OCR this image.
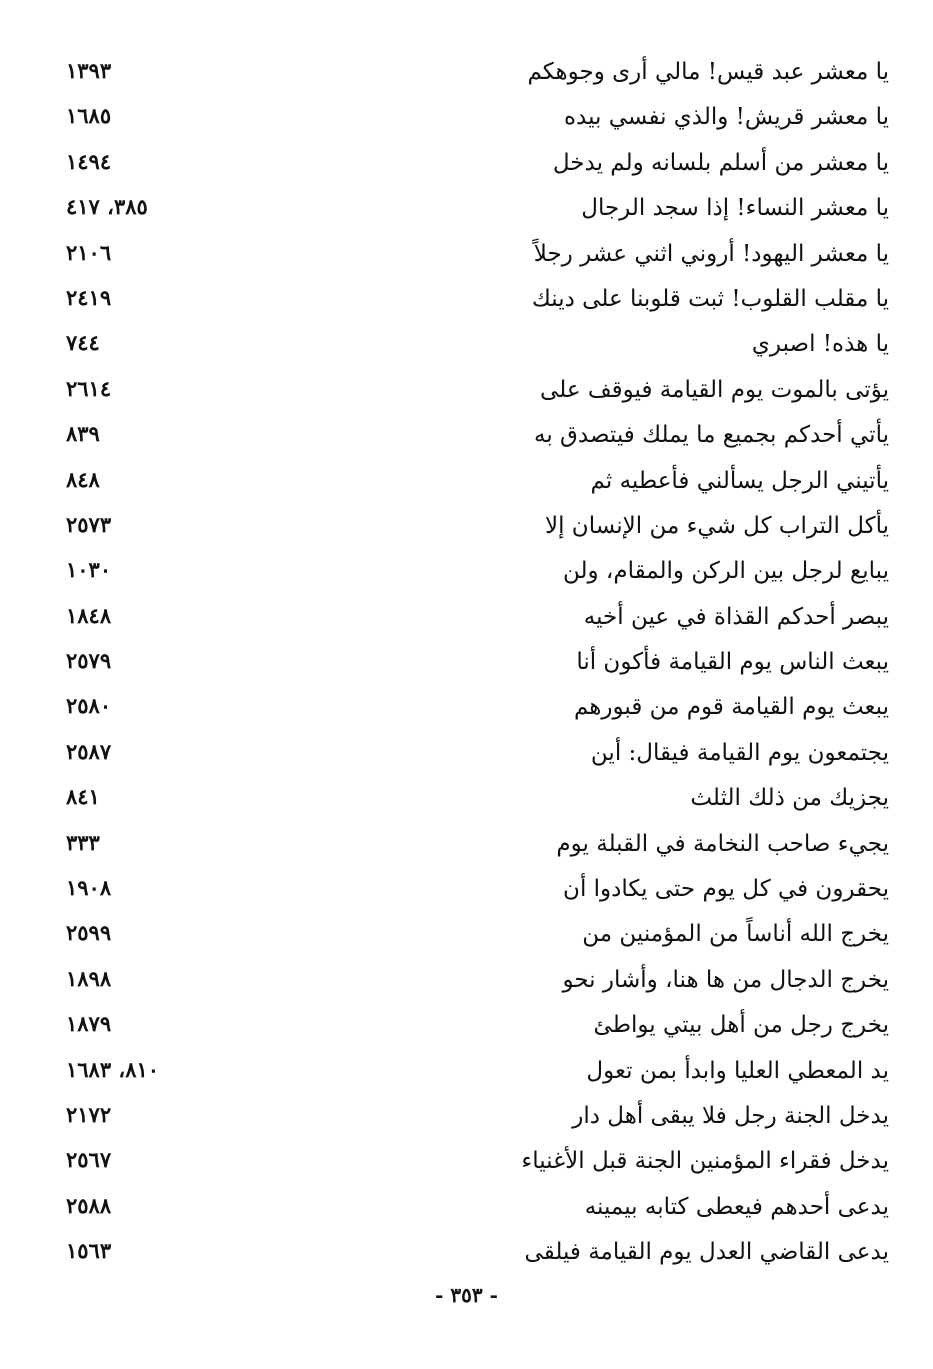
يا معشر عبد قيس! مالي أرى وجوهكم
١٣٩٣
يا معشر قريش! والذي نفسي بيده
١٦٨٥
يا معشر من أسلم بلسانه ولم يدخل
١٤٩٤
يا معشر النساء! إذا سجد الرجال
٣٨٥، ٤١٧
يا معشر اليهود! أروني اثني عشر رجلاً
٢١٠٦
يا مقلب القلوب! ثبت قلوبنا على دينك
٢٤١٩
يا هذه! اصبري
٧٤٤
يؤتى بالموت يوم القيامة فيوقف على
٢٦١٤
يأتي أحدكم بجميع ما يملك فيتصدق به
٨٣٩
يأتيني الرجل يسألني فأعطيه ثم
٨٤٨
يأكل التراب كل شيء من الإنسان إلا
٢٥٧٣
يبايع لرجل بين الركن والمقام، ولن
١٠٣٠
يبصر أحدكم القذاة في عين أخيه
١٨٤٨
يبعث الناس يوم القيامة فأكون أنا
٢٥٧٩
يبعث يوم القيامة قوم من قبورهم
٢٥٨٠
يجتمعون يوم القيامة فيقال: أين
٢٥٨٧
يجزيك من ذلك الثلث
٨٤١
يجيء صاحب النخامة في القبلة يوم
٣٣٣
يحقرون في كل يوم حتى يكادوا أن
١٩٠٨
يخرج الله أناساً من المؤمنين من
٢٥٩٩
يخرج الدجال من ها هنا، وأشار نحو
١٨٩٨
يخرج رجل من أهل بيتي يواطئ
١٨٧٩
يد المعطي العليا وابدأ بمن تعول
٨١٠، ١٦٨٣
يدخل الجنة رجل فلا يبقى أهل دار
٢١٧٢
يدخل فقراء المؤمنين الجنة قبل الأغنياء
٢٥٦٧
يدعى أحدهم فيعطى كتابه بيمينه
٢٥٨٨
يدعى القاضي العدل يوم القيامة فيلقى
١٥٦٣
- ٣٥٣ -
